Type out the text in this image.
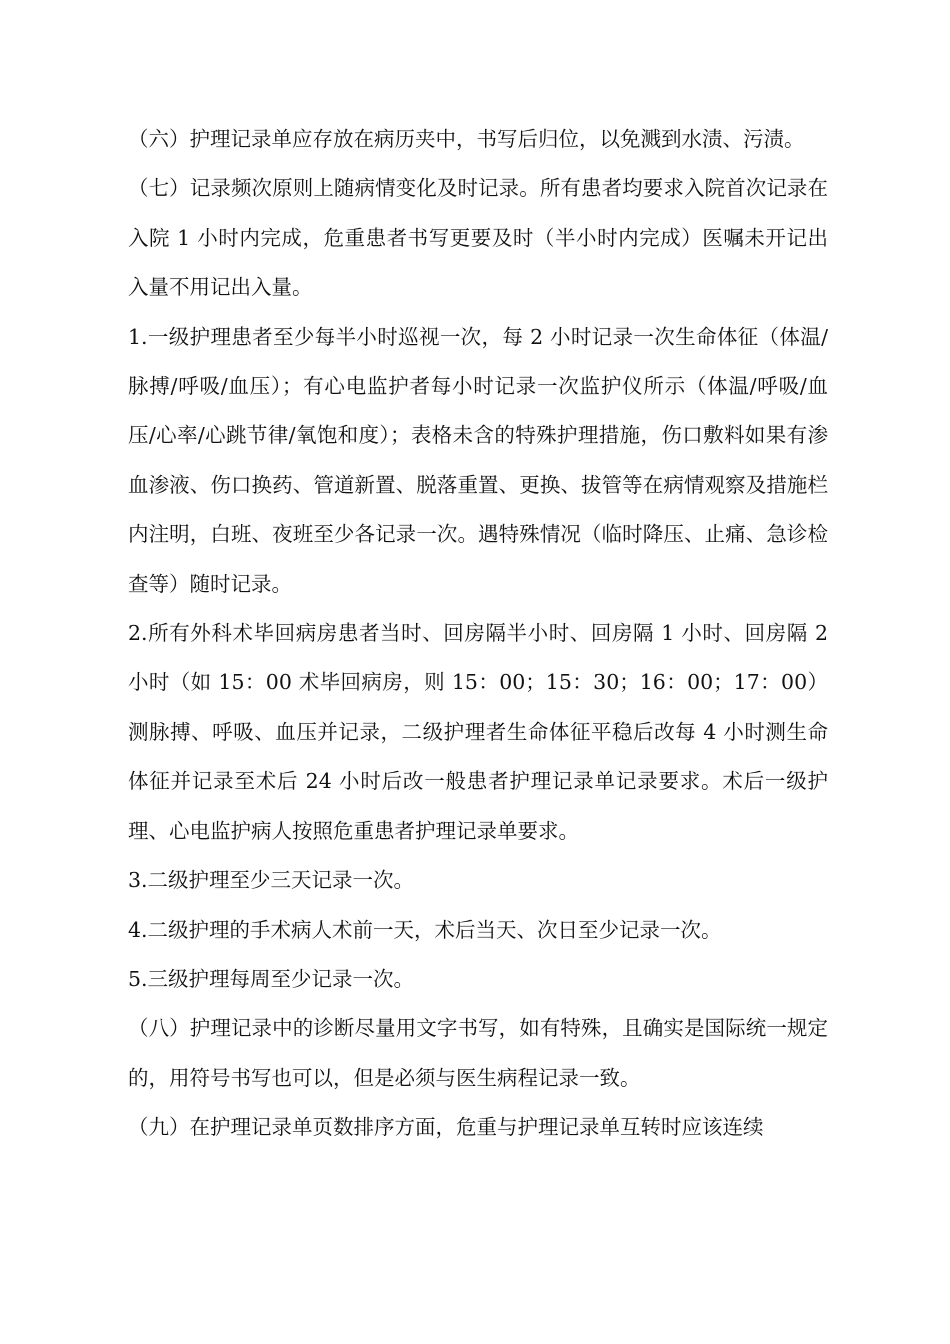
（六）护理记录单应存放在病历夹中，书写后归位，以免溅到水渍、污渍。

（七）记录频次原则上随病情变化及时记录。所有患者均要求入院首次记录在入院 1 小时内完成，危重患者书写更要及时（半小时内完成）医嘱未开记出入量不用记出入量。

1.一级护理患者至少每半小时巡视一次，每 2 小时记录一次生命体征（体温/脉搏/呼吸/血压）；有心电监护者每小时记录一次监护仪所示（体温/呼吸/血压/心率/心跳节律/氧饱和度）；表格未含的特殊护理措施，伤口敷料如果有渗血渗液、伤口换药、管道新置、脱落重置、更换、拔管等在病情观察及措施栏内注明，白班、夜班至少各记录一次。遇特殊情况（临时降压、止痛、急诊检查等）随时记录。

2.所有外科术毕回病房患者当时、回房隔半小时、回房隔 1 小时、回房隔 2 小时（如 15：00 术毕回病房，则 15：00；15：30；16：00；17：00）测脉搏、呼吸、血压并记录，二级护理者生命体征平稳后改每 4 小时测生命体征并记录至术后 24 小时后改一般患者护理记录单记录要求。术后一级护理、心电监护病人按照危重患者护理记录单要求。

3.二级护理至少三天记录一次。

4.二级护理的手术病人术前一天，术后当天、次日至少记录一次。

5.三级护理每周至少记录一次。

（八）护理记录中的诊断尽量用文字书写，如有特殊，且确实是国际统一规定的，用符号书写也可以，但是必须与医生病程记录一致。

（九）在护理记录单页数排序方面，危重与护理记录单互转时应该连续
